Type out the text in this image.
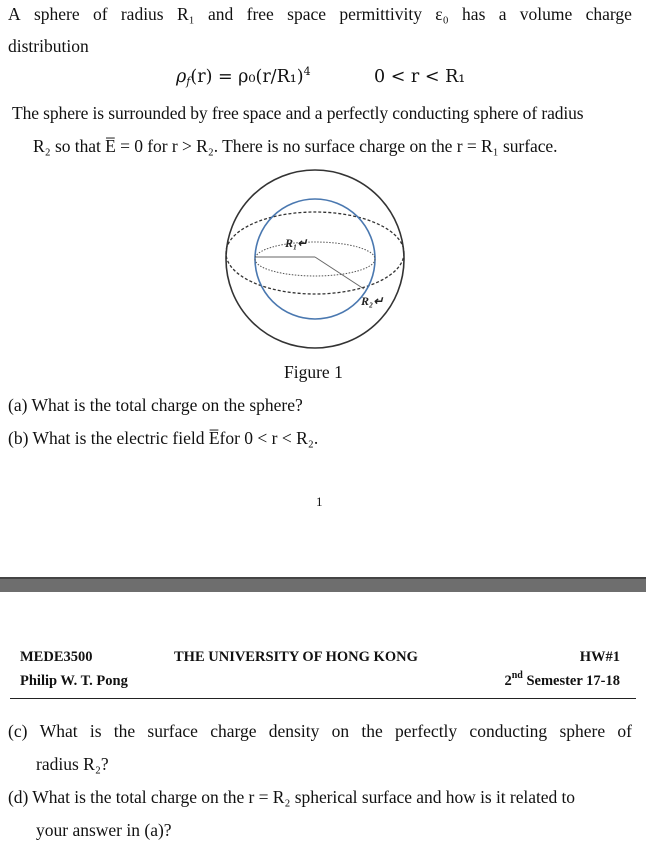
A sphere of radius R₁ and free space permittivity ε₀ has a volume charge
distribution
$\rho_f(r) = \rho_0(r/R_1)^4$	0 < r < R₁
The sphere is surrounded by free space and a perfectly conducting sphere of radius
R₂ so that E̅ = 0 for r > R₂. There is no surface charge on the r = R₁ surface.
R₁↵
R₂↵
Figure 1
(a) What is the total charge on the sphere?
(b) What is the electric field E̅for 0 < r < R₂.
1
MEDE3500	THE UNIVERSITY OF HONG KONG	HW#1
Philip W. T. Pong	2nd Semester 17-18
(c) What is the surface charge density on the perfectly conducting sphere of
radius R₂?
(d) What is the total charge on the r = R₂ spherical surface and how is it related to
your answer in (a)?
